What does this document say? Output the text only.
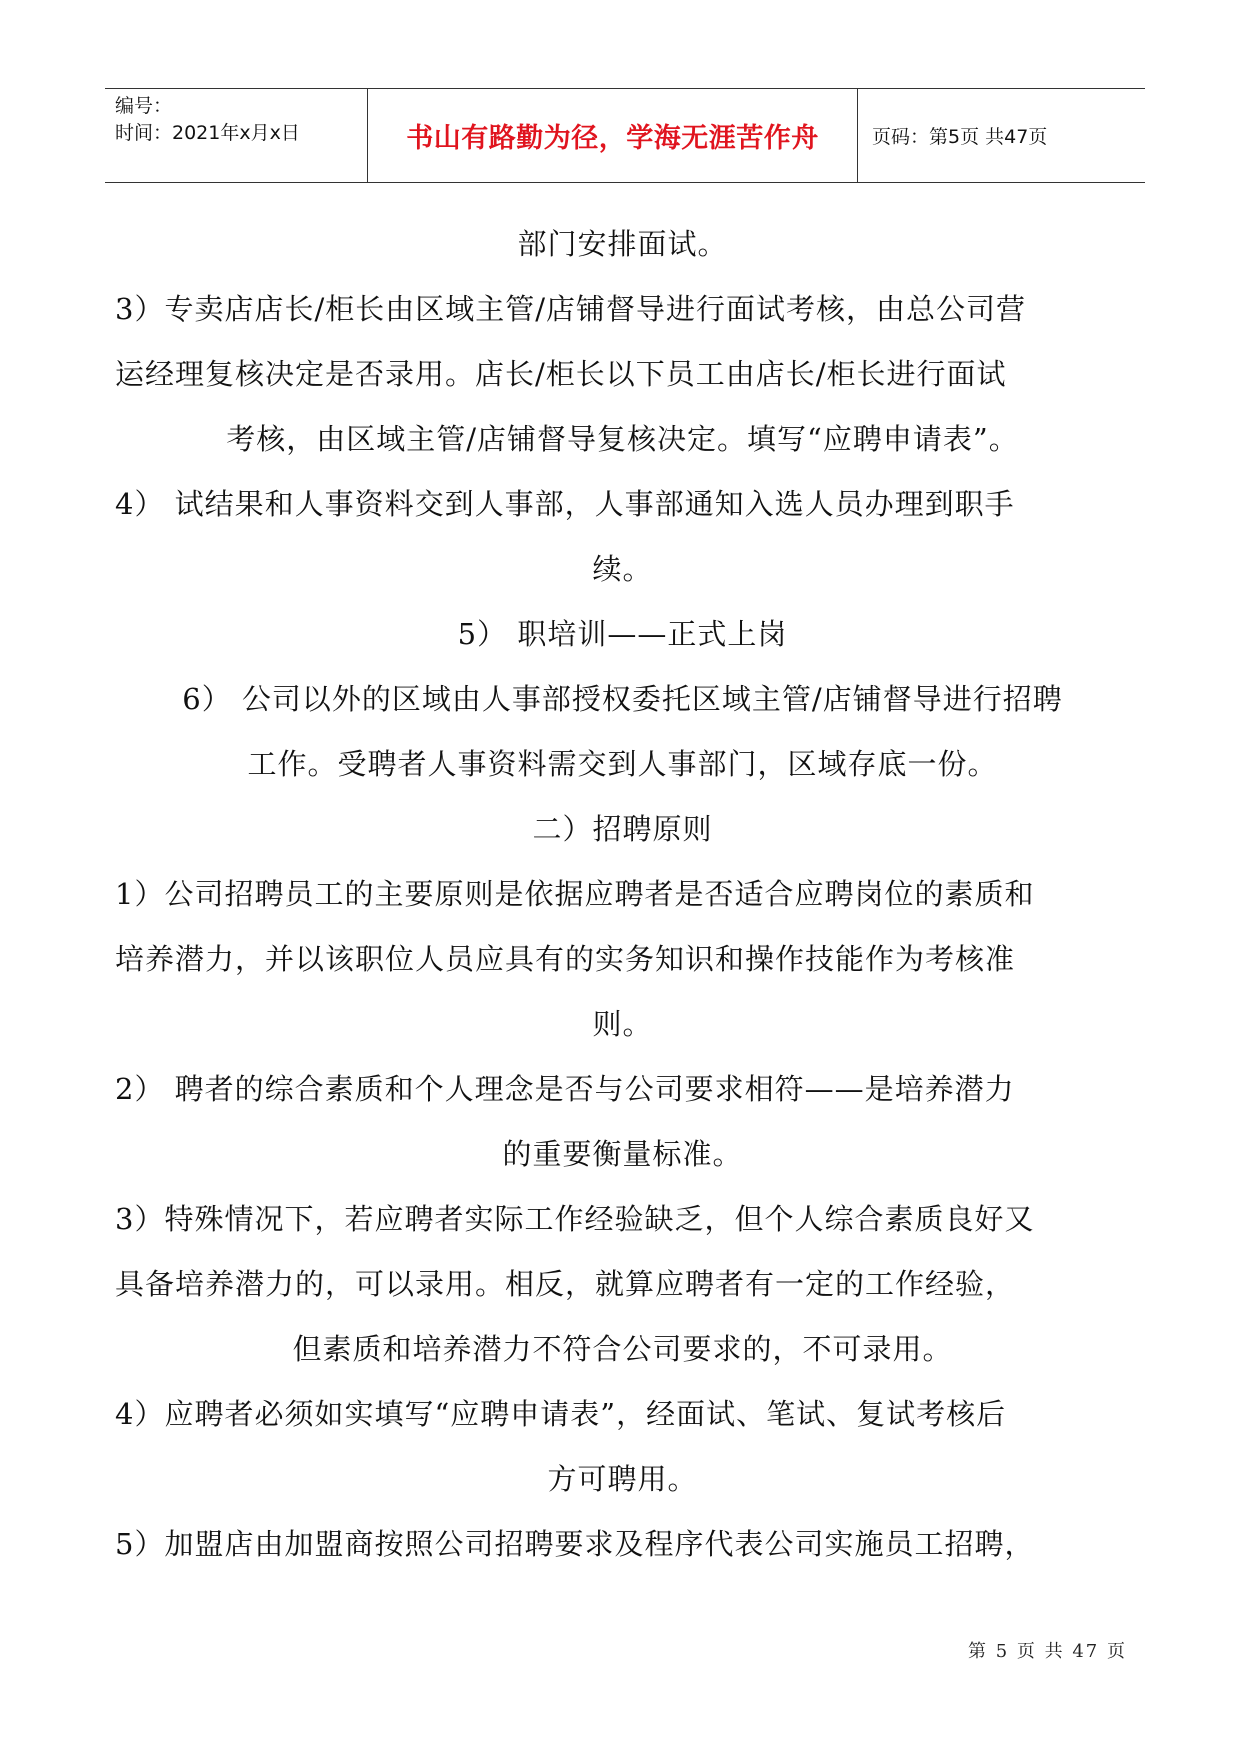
编号：
时间：2021年x月x日	书山有路勤为径，学海无涯苦作舟	页码：第5页 共47页
部门安排面试。
3）专卖店店长/柜长由区域主管/店铺督导进行面试考核，由总公司营
运经理复核决定是否录用。店长/柜长以下员工由店长/柜长进行面试
考核，由区域主管/店铺督导复核决定。填写“应聘申请表”。
4） 试结果和人事资料交到人事部，人事部通知入选人员办理到职手
续。
5） 职培训——正式上岗
6） 公司以外的区域由人事部授权委托区域主管/店铺督导进行招聘
工作。受聘者人事资料需交到人事部门，区域存底一份。
二）招聘原则
1）公司招聘员工的主要原则是依据应聘者是否适合应聘岗位的素质和
培养潜力，并以该职位人员应具有的实务知识和操作技能作为考核准
则。
2） 聘者的综合素质和个人理念是否与公司要求相符——是培养潜力
的重要衡量标准。
3）特殊情况下，若应聘者实际工作经验缺乏，但个人综合素质良好又
具备培养潜力的，可以录用。相反，就算应聘者有一定的工作经验，
但素质和培养潜力不符合公司要求的，不可录用。
4）应聘者必须如实填写“应聘申请表”，经面试、笔试、复试考核后
方可聘用。
5）加盟店由加盟商按照公司招聘要求及程序代表公司实施员工招聘，
第 5 页 共 47 页
